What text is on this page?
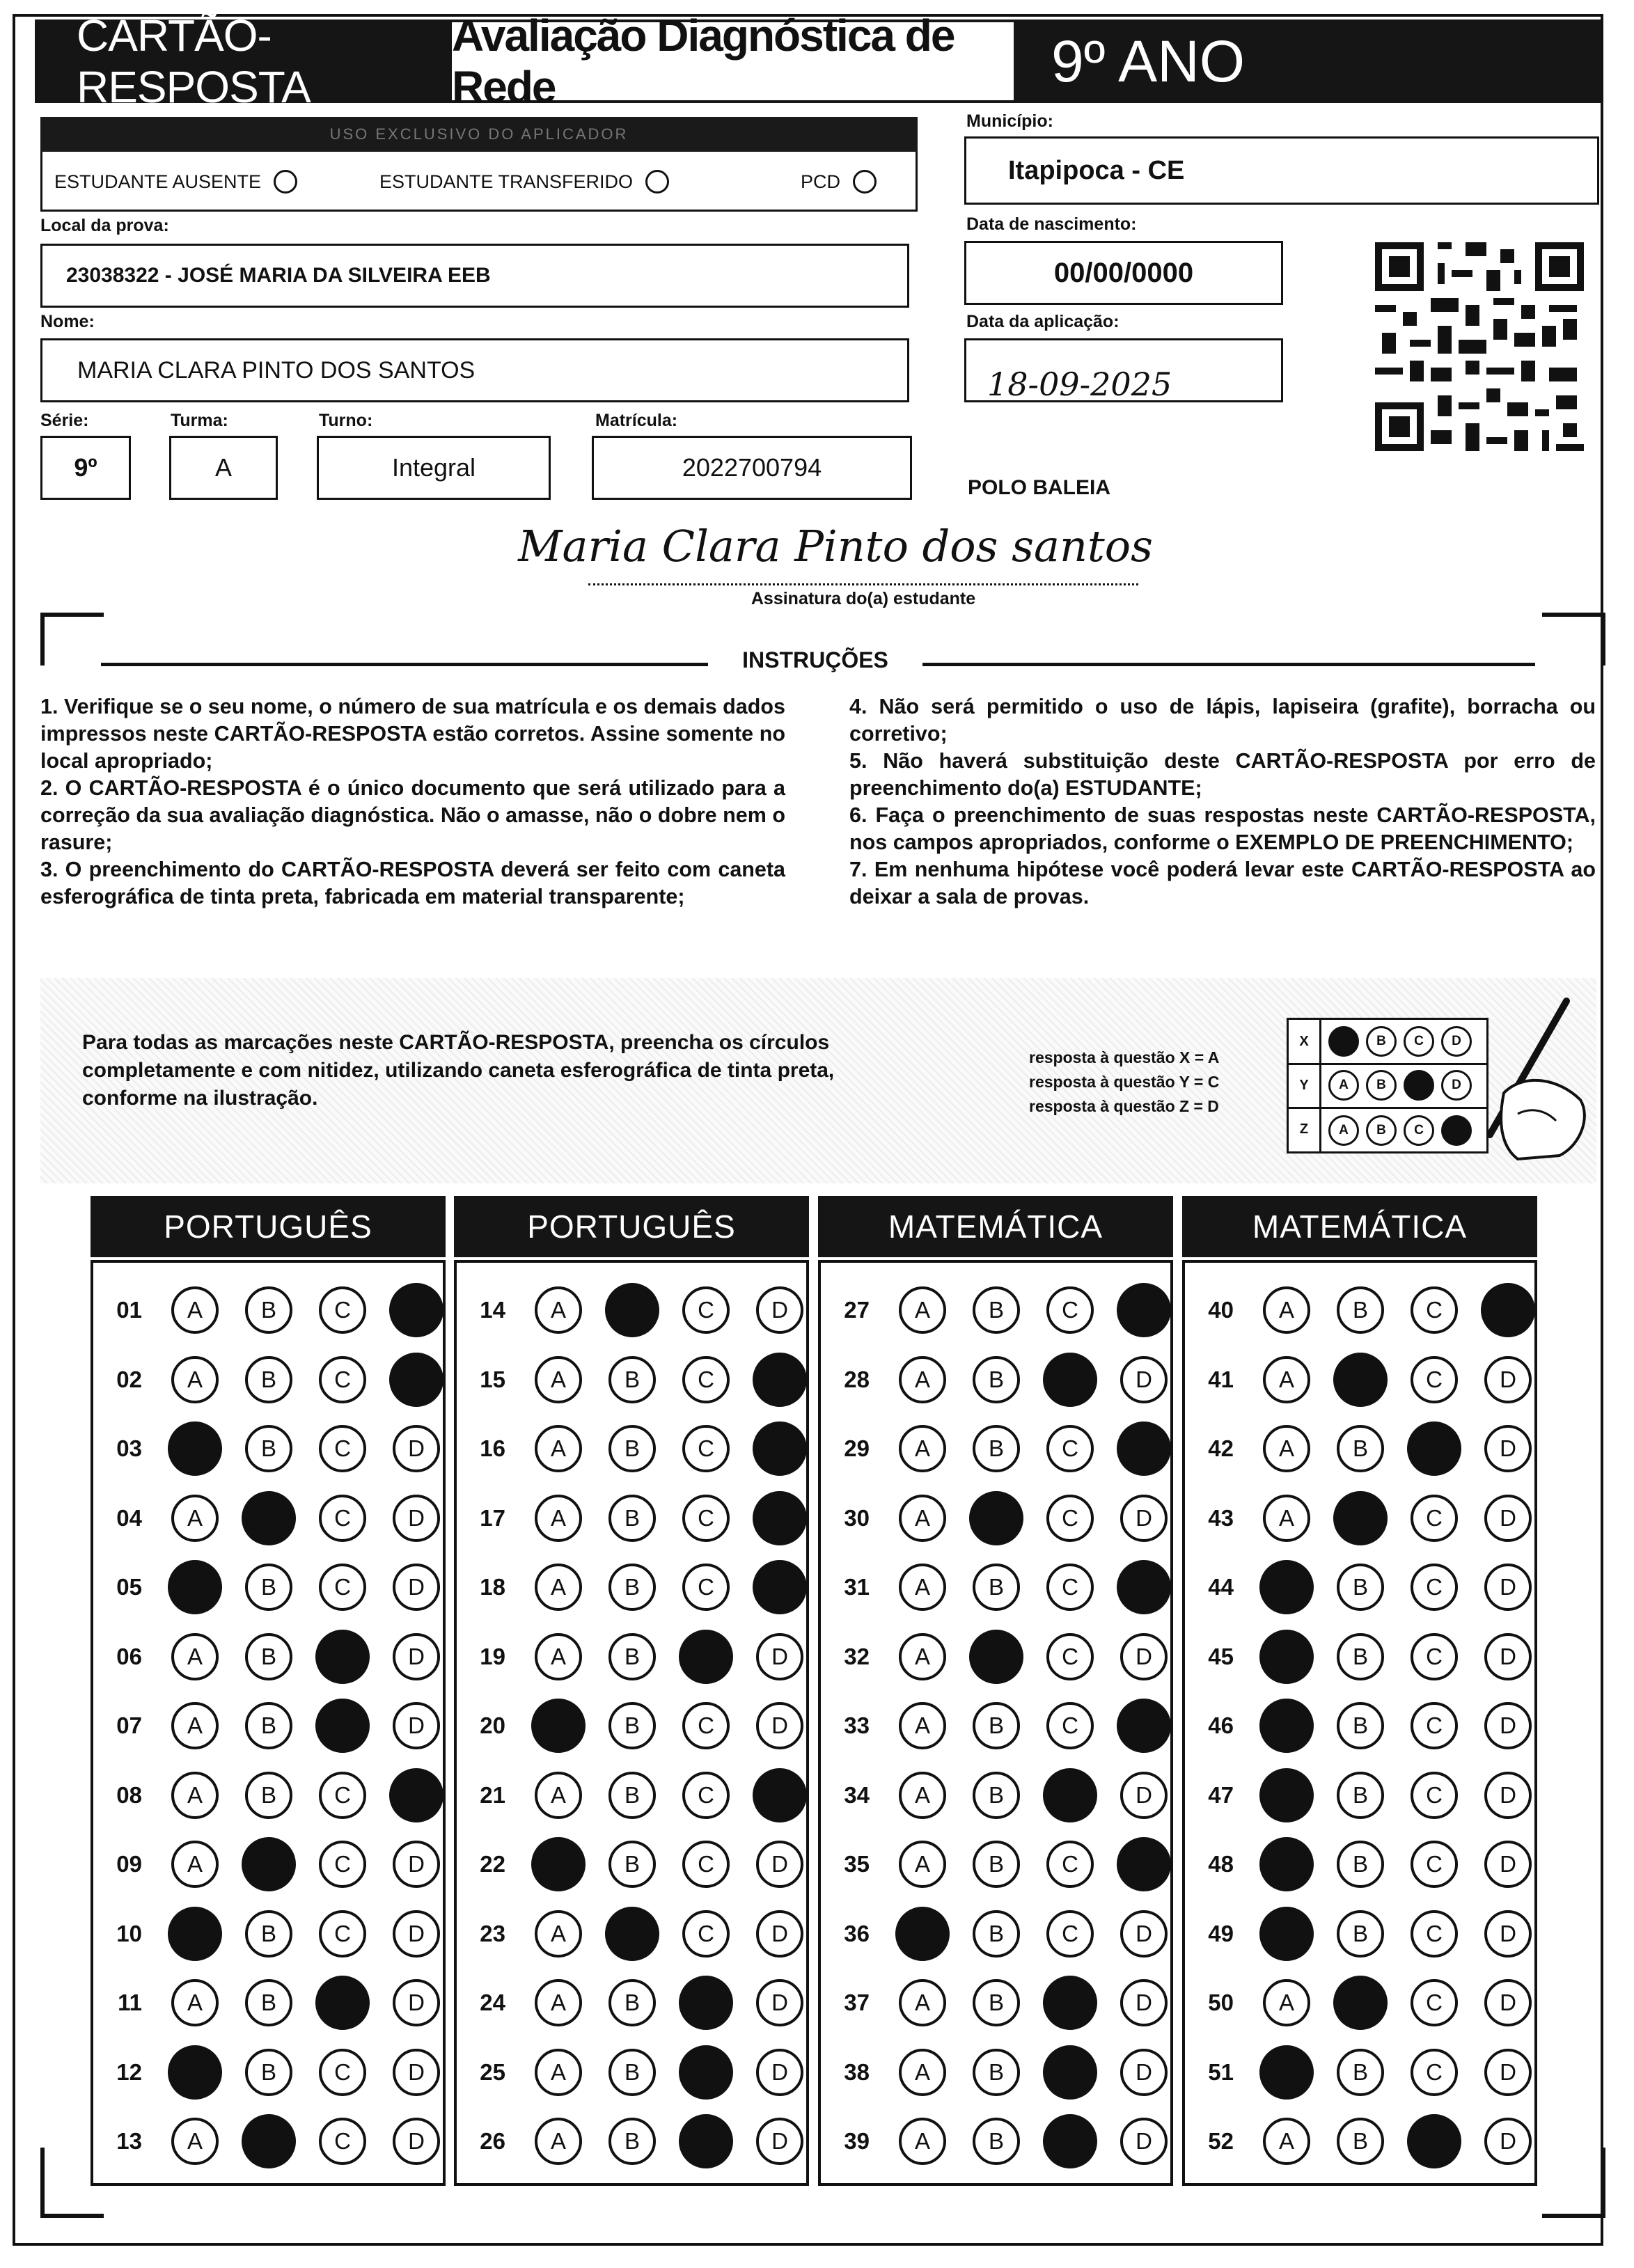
CARTÃO-RESPOSTA
Avaliação Diagnóstica de Rede	9º ANO
USO EXCLUSIVO DO APLICADOR
ESTUDANTE AUSENTE	ESTUDANTE TRANSFERIDO	PCD
Município:
Itapipoca - CE
Local da prova:
23038322 - JOSÉ MARIA DA SILVEIRA EEB
Data de nascimento:
00/00/0000
Nome:
MARIA CLARA PINTO DOS SANTOS
Data da aplicação:
18-09-2025
Série:
9º
Turma:
A
Turno:
Integral
Matrícula:
2022700794
POLO BALEIA
Maria Clara Pinto dos santos
Assinatura do(a) estudante
INSTRUÇÕES

1. Verifique se o seu nome, o número de sua matrícula e os demais dados impressos neste CARTÃO-RESPOSTA estão corretos. Assine somente no local apropriado;

2. O CARTÃO-RESPOSTA é o único documento que será utilizado para a correção da sua avaliação diagnóstica. Não o amasse, não o dobre nem o rasure;

3. O preenchimento do CARTÃO-RESPOSTA deverá ser feito com caneta esferográfica de tinta preta, fabricada em material transparente;

4. Não será permitido o uso de lápis, lapiseira (grafite), borracha ou corretivo;

5. Não haverá substituição deste CARTÃO-RESPOSTA por erro de preenchimento do(a) ESTUDANTE;

6. Faça o preenchimento de suas respostas neste CARTÃO-RESPOSTA, nos campos apropriados, conforme o EXEMPLO DE PREENCHIMENTO;

7. Em nenhuma hipótese você poderá levar este CARTÃO-RESPOSTA ao deixar a sala de provas.

Para todas as marcações neste CARTÃO-RESPOSTA, preencha os círculos completamente e com nitidez, utilizando caneta esferográfica de tinta preta, conforme na ilustração.
resposta à questão X = A
resposta à questão Y = C
resposta à questão Z = D
X	B	C	D
Y	A	B	D
Z	A	B	C
PORTUGUÊS
01	A	B	C
02	A	B	C
03	B	C	D
04	A	C	D
05	B	C	D
06	A	B	D
07	A	B	D
08	A	B	C
09	A	C	D
10	B	C	D
11	A	B	D
12	B	C	D
13	A	C	D
PORTUGUÊS
14	A	C	D
15	A	B	C
16	A	B	C
17	A	B	C
18	A	B	C
19	A	B	D
20	B	C	D
21	A	B	C
22	B	C	D
23	A	C	D
24	A	B	D
25	A	B	D
26	A	B	D
MATEMÁTICA
27	A	B	C
28	A	B	D
29	A	B	C
30	A	C	D
31	A	B	C
32	A	C	D
33	A	B	C
34	A	B	D
35	A	B	C
36	B	C	D
37	A	B	D
38	A	B	D
39	A	B	D
MATEMÁTICA
40	A	B	C
41	A	C	D
42	A	B	D
43	A	C	D
44	B	C	D
45	B	C	D
46	B	C	D
47	B	C	D
48	B	C	D
49	B	C	D
50	A	C	D
51	B	C	D
52	A	B	D
